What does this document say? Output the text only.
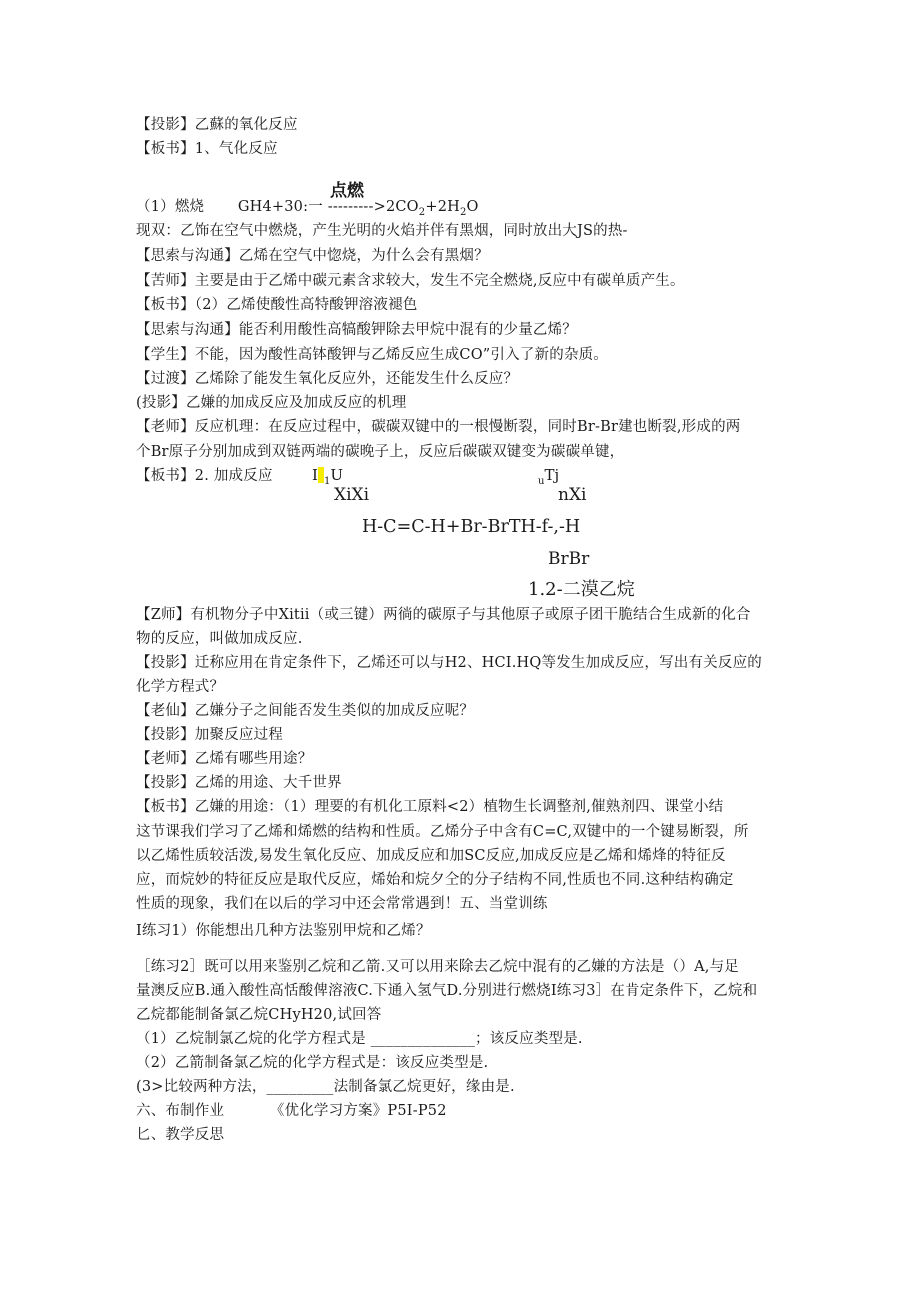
【投影】乙蘇的氧化反应
【板书】1、气化反应
点燃
（1）燃烧 GH4+30:一 $--------->2CO_2+2H_2O$
现双：乙饰在空气中燃烧，产生光明的火焰并伴有黑烟，同时放出大JS的热-
【思索与沟通】乙烯在空气中惚烧，为什么会有黑烟？
【苦师】主要是由于乙烯中碳元素含求较大，发生不完全燃烧,反应中有碳单质产生。
【板书】（2）乙烯使酸性高特酸钾溶液褪色
【思索与沟通】能否利用酸性高犒酸钾除去甲烷中混有的少量乙烯？
【学生】不能，因为酸性高钵酸钾与乙烯反应生成CO”引入了新的杂质。
【过渡】乙烯除了能发生氧化反应外，还能发生什么反应？
(投影】乙嫌的加成反应及加成反应的机理
【老师】反应机理：在反应过程中，碳碳双键中的一根慢断裂，同时Br-Br建也断裂,形成的两
个Br原子分别加成到双链两端的碳晚子上，反应后碳碳双键变为碳碳单键，
【板书】2. 加成反应	I $_1$U	$_u$Tj
XiXi	nXi
H-C=C-H+Br-BrTH-f-,-H
BrBr
1.2-二漠乙烷
【Z师】有机物分子中Xitii（或三键）两徜的碳原子与其他原子或原子团干脆结合生成新的化合
物的反应，叫做加成反应.
【投影】迁称应用在肯定条件下，乙烯还可以与H2、HCI.HQ等发生加成反应，写出有关反应的
化学方程式？
【老仙】乙嫌分子之间能否发生类似的加成反应呢？
【投影】加聚反应过程
【老师】乙烯有哪些用途？
【投影】乙烯的用途、大千世界
【板书】乙嫌的用途：（1）理要的有机化工原料<2）植物生长调整剂,催熟剂四、课堂小结
这节课我们学习了乙烯和烯燃的结构和性质。乙烯分子中含有C=C,双键中的一个键易断裂，所
以乙烯性质较活泼,易发生氧化反应、加成反应和加SC反应,加成反应是乙烯和烯烽的特征反
应，而烷妙的特征反应是取代反应，烯始和烷夕仝的分子结构不同,性质也不同.这种结构确定
性质的现象，我们在以后的学习中还会常常遇到！五、当堂训练
I练习1）你能想出几种方法鉴别甲烷和乙烯？
［练习2］既可以用来鉴别乙烷和乙箭.又可以用来除去乙烷中混有的乙嫌的方法是（）A,与足
量澳反应B.通入酸性高恬酸俾溶液C.下通入氢气D.分别进行燃烧I练习3］在肯定条件下，乙烷和
乙烷都能制备氯乙烷CHyH20,试回答
（1）乙烷制氯乙烷的化学方程式是 ______________；该反应类型是.
（2）乙箭制备氯乙烷的化学方程式是：该反应类型是.
(3>比较两种方法，_________法制备氯乙烷更好，缘由是.
六、布制作业	《优化学习方案》P5I-P52
匕、教学反思
